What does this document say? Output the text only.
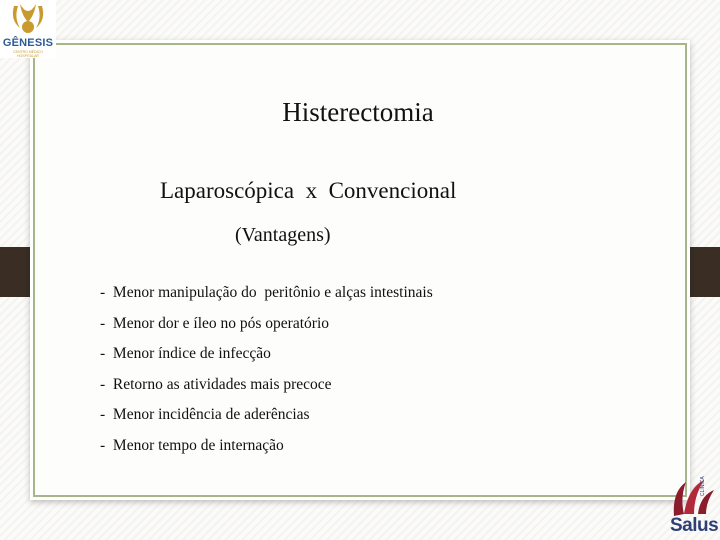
Histerectomia
Laparoscópica  x  Convencional
(Vantagens)
-  Menor manipulação do  peritônio e alças intestinais
-  Menor dor e íleo no pós operatório
-  Menor índice de infecção
-  Retorno as atividades mais precoce
-  Menor incidência de aderências
-  Menor tempo de internação
GÊNESIS
CENTRO MÉDICO HOSPITALAR
CLÍNICA
Salus
